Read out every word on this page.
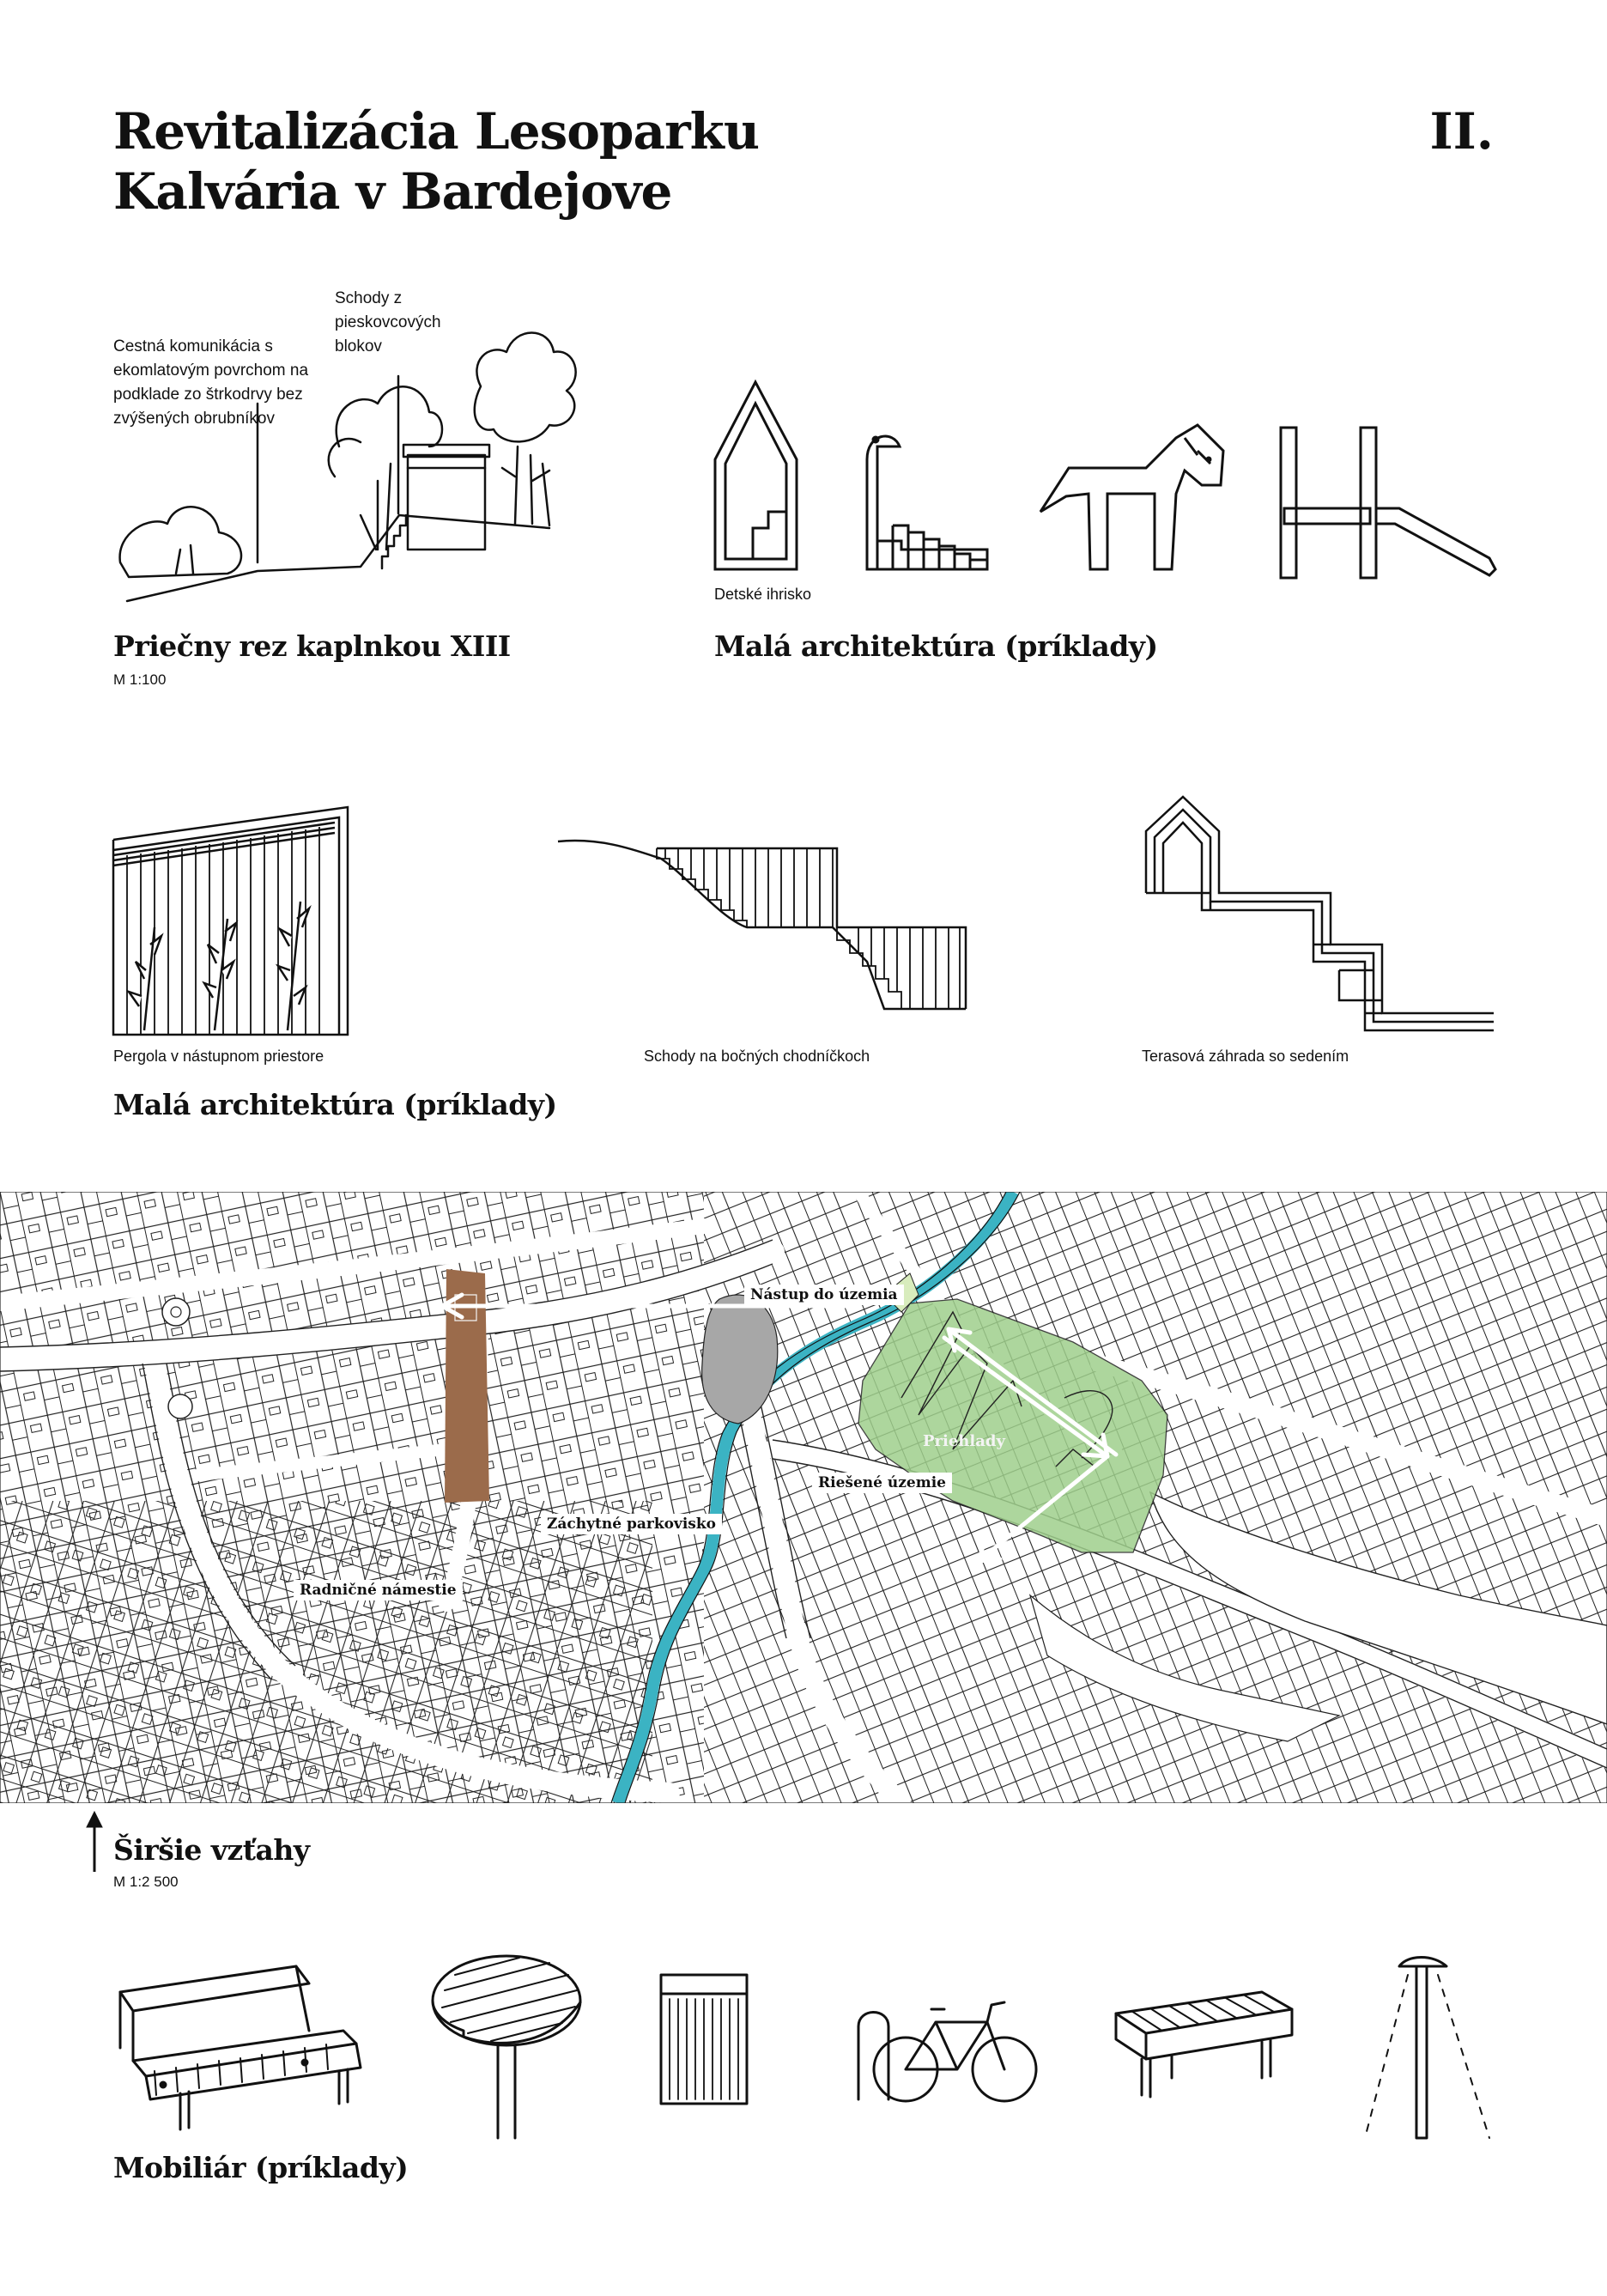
Revitalizácia Lesoparku
Kalvária v Bardejove
II.
Cestná komunikácia s ekomlatovým povrchom na podklade zo štrkodrvy bez zvýšených obrubníkov
Schody z pieskovcových blokov
Priečny rez kaplnkou XIII
M 1:100
Detské ihrisko
Malá architektúra (príklady)
Pergola v nástupnom priestore	Schody na bočných chodníčkoch	Terasová záhrada so sedením
Malá architektúra (príklady)
Nástup do územia
Priehlady
Riešené územie
Záchytné parkovisko
Radničné námestie
Širšie vzťahy
M 1:2 500
Mobiliár (príklady)
